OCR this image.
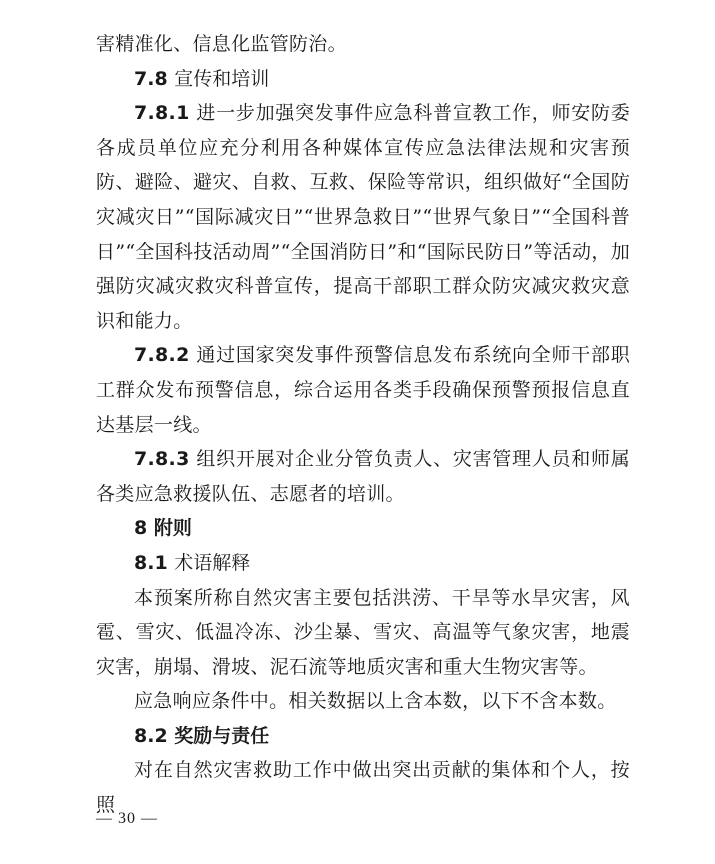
害精准化、信息化监管防治。

7.8 宣传和培训

7.8.1 进一步加强突发事件应急科普宣教工作，师安防委各成员单位应充分利用各种媒体宣传应急法律法规和灾害预防、避险、避灾、自救、互救、保险等常识，组织做好“全国防灾减灾日”“国际减灾日”“世界急救日”“世界气象日”“全国科普日”“全国科技活动周”“全国消防日”和“国际民防日”等活动，加强防灾减灾救灾科普宣传，提高干部职工群众防灾减灾救灾意识和能力。

7.8.2 通过国家突发事件预警信息发布系统向全师干部职工群众发布预警信息，综合运用各类手段确保预警预报信息直达基层一线。

7.8.3 组织开展对企业分管负责人、灾害管理人员和师属各类应急救援队伍、志愿者的培训。

8 附则

8.1 术语解释

本预案所称自然灾害主要包括洪涝、干旱等水旱灾害，风雹、雪灾、低温冷冻、沙尘暴、雪灾、高温等气象灾害，地震灾害，崩塌、滑坡、泥石流等地质灾害和重大生物灾害等。

应急响应条件中。相关数据以上含本数，以下不含本数。

8.2 奖励与责任

对在自然灾害救助工作中做出突出贡献的集体和个人，按照

— 30 —
